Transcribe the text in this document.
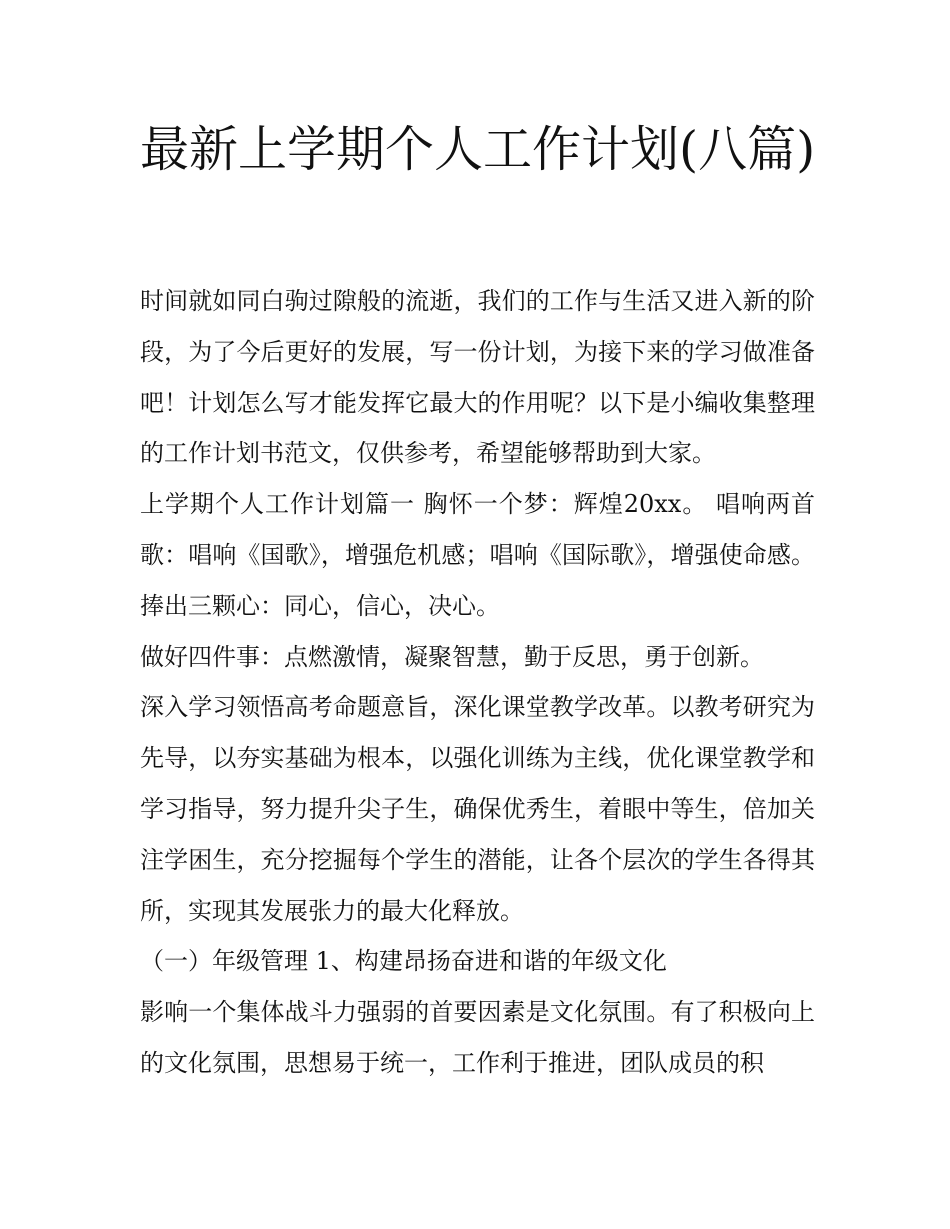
最新上学期个人工作计划(八篇)

时间就如同白驹过隙般的流逝，我们的工作与生活又进入新的阶段，为了今后更好的发展，写一份计划，为接下来的学习做准备吧！计划怎么写才能发挥它最大的作用呢？以下是小编收集整理的工作计划书范文，仅供参考，希望能够帮助到大家。

上学期个人工作计划篇一 胸怀一个梦：辉煌20xx。 唱响两首歌：唱响《国歌》，增强危机感；唱响《国际歌》，增强使命感。 捧出三颗心：同心，信心，决心。

做好四件事：点燃激情，凝聚智慧，勤于反思，勇于创新。

深入学习领悟高考命题意旨，深化课堂教学改革。以教考研究为先导，以夯实基础为根本，以强化训练为主线，优化课堂教学和学习指导，努力提升尖子生，确保优秀生，着眼中等生，倍加关注学困生，充分挖掘每个学生的潜能，让各个层次的学生各得其所，实现其发展张力的最大化释放。

（一）年级管理 1、构建昂扬奋进和谐的年级文化

影响一个集体战斗力强弱的首要因素是文化氛围。有了积极向上的文化氛围，思想易于统一，工作利于推进，团队成员的积
